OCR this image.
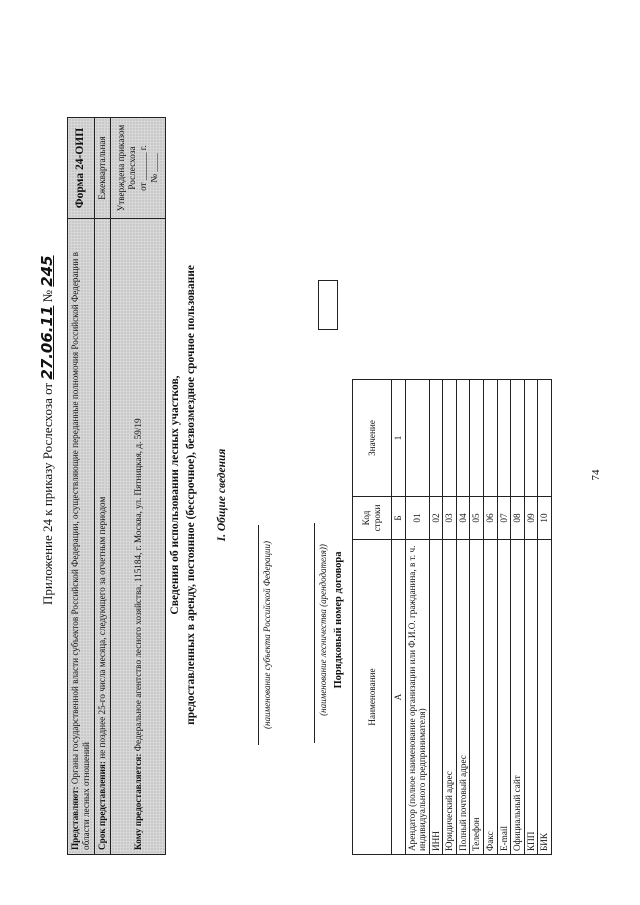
Приложение 24 к приказу Рослесхоза от 27.06.11 № 245
Представляют: Органы государственной власти субъектов Российской Федерации, осуществляющие переданные полномочия Российской Федерации в области лесных отношений	Форма 24-ОИП
Срок представления: не позднее 25-го числа месяца, следующего за отчетным периодом	Ежеквартальная
Кому предоставляется: Федеральное агентство лесного хозяйства, 115184, г. Москва, ул. Пятницкая, д. 59/19	Утверждена приказом Рослесхоза от ______ г.
№ ____
Сведения об использовании лесных участков, предоставленных в аренду, постоянное (бессрочное), безвозмездное срочное пользование I. Общие сведения
(наименование субъекта Российской Федерации)	(наименование лесничества (арендодателя)) Порядковый номер договора
Наименование	Код строки	Значение
А	Б	1
Арендатор (полное наименование организации или Ф.И.О. гражданина, в т. ч. индивидуального предпринимателя)	01	
ИНН	02	
Юридический адрес	03	
Полный почтовый адрес	04	
Телефон	05	
Факс	06	
E-mail	07	
Официальный сайт	08	
КПП	09	
БИК	10	
74
